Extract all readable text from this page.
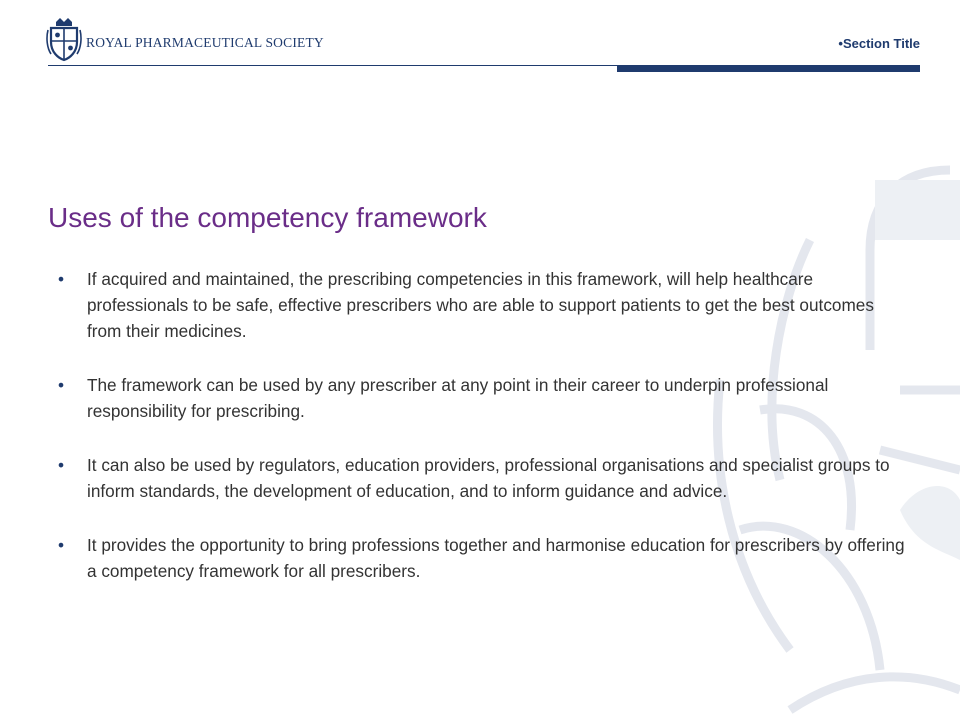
ROYAL PHARMACEUTICAL SOCIETY	•Section Title
Uses of the competency framework
• If acquired and maintained, the prescribing competencies in this framework, will help healthcare professionals to be safe, effective prescribers who are able to support patients to get the best outcomes from their medicines.
• The framework can be used by any prescriber at any point in their career to underpin professional responsibility for prescribing.
• It can also be used by regulators, education providers, professional organisations and specialist groups to inform standards, the development of education, and to inform guidance and advice.
• It provides the opportunity to bring professions together and harmonise education for prescribers by offering a competency framework for all prescribers.
